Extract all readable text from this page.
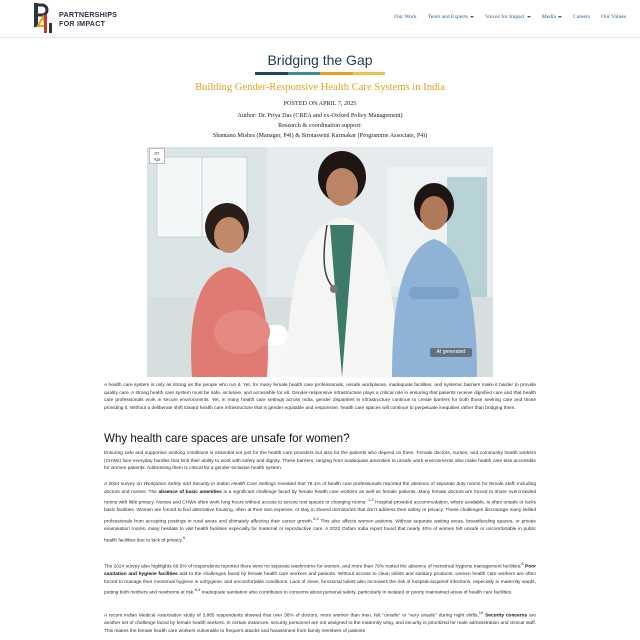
PARTNERSHIPS
FOR IMPACT
Our Work Team and Experts	Voices for Impact	Media	Careers Our Values
Bridging the Gap
Building Gender-Responsive Health Care Systems in India
POSTED ON APRIL 7, 2025
Author: Dr. Priya Das (CREA and ex-Oxford Policy Management)
Research & coordination support:
Shantanu Mishra (Manager, P4i) & Sirotaswini Karmakar (Programme Associate, P4i)
07
Apr
AI generated
A health care system is only as strong as the people who run it. Yet, for many female health care professionals, unsafe workplaces, inadequate facilities, and systemic barriers make it harder to provide quality care. A strong health care system must be safe, inclusive, and accessible for all. Gender-responsive infrastructure plays a critical role in ensuring that patients receive dignified care and that health care professionals work in secure environments. Yet, in many health care settings across India, gender disparities in infrastructure continue to create barriers for both those seeking care and those providing it. Without a deliberate shift toward health care infrastructure that is gender equitable and responsive, health care spaces will continue to perpetuate inequities rather than bridging them.
Why health care spaces are unsafe for women?
Ensuring safe and supportive working conditions is essential not just for the health care providers but also for the patients who depend on them. Female doctors, nurses, and community health workers (CHWs) face everyday hurdles that limit their ability to work with safety and dignity. These barriers, ranging from inadequate amenities to unsafe work environments also make health care less accessible for women patients. Addressing them is critical for a gender-inclusive health system.
A 2024 survey on Workplace Safety and Security in Indian Health Care Settings revealed that 78.1% of health care professionals reported the absence of separate duty rooms for female staff, including doctors and nurses. The absence of basic amenities is a significant challenge faced by female health care workers as well as female patients. Many female doctors are forced to share overcrowded rooms with little privacy. Nurses and CHWs often work long hours without access to secure rest spaces or changing rooms. $^{1,2}$ Hospital-provided accommodation, where available, is often unsafe or lacks basic facilities. Women are forced to find alternative housing, often at their own expense, or stay in shared dormitories that don't address their safety or privacy. These challenges discourage many skilled professionals from accepting postings in rural areas and ultimately affecting their career growth.$^{3,4}$ This also affects women patients. Without separate waiting areas, breastfeeding spaces, or private examination rooms, many hesitate to visit health facilities especially for maternal or reproductive care. A 2022 Oxfam India report found that nearly 40% of women felt unsafe or uncomfortable in public health facilities due to lack of privacy.$^5$
The 2024 survey also highlights 69.5% of respondents reported there were no separate washrooms for women, and more than 79% rested the absence of menstrual hygiene management facilities.$^6$ Poor sanitation and hygiene facilities add to the challenges faced by female health care workers and patients. Without access to clean toilets and sanitary products, women health care workers are often forced to manage their menstrual hygiene in unhygienic and uncomfortable conditions. Lack of clean, functional toilets also increases the risk of hospital-acquired infections, especially in maternity wards, putting both mothers and newborns at risk.$^{8,9}$ Inadequate sanitation also contributes to concerns about personal safety, particularly in isolated or poorly maintained areas of health care facilities.
A recent Indian Medical Association study of 3,885 respondents showed that over 36% of doctors, more women than men, felt "unsafe" or "very unsafe" during night shifts.$^{10}$ Security concerns are another set of challenge faced by female health workers. In certain instances, security personnel are not assigned to the maternity wing, and security is prioritized for male administration and clinical staff. This makes the female health care workers vulnerable to frequent attacks and harassment from family members of patients
